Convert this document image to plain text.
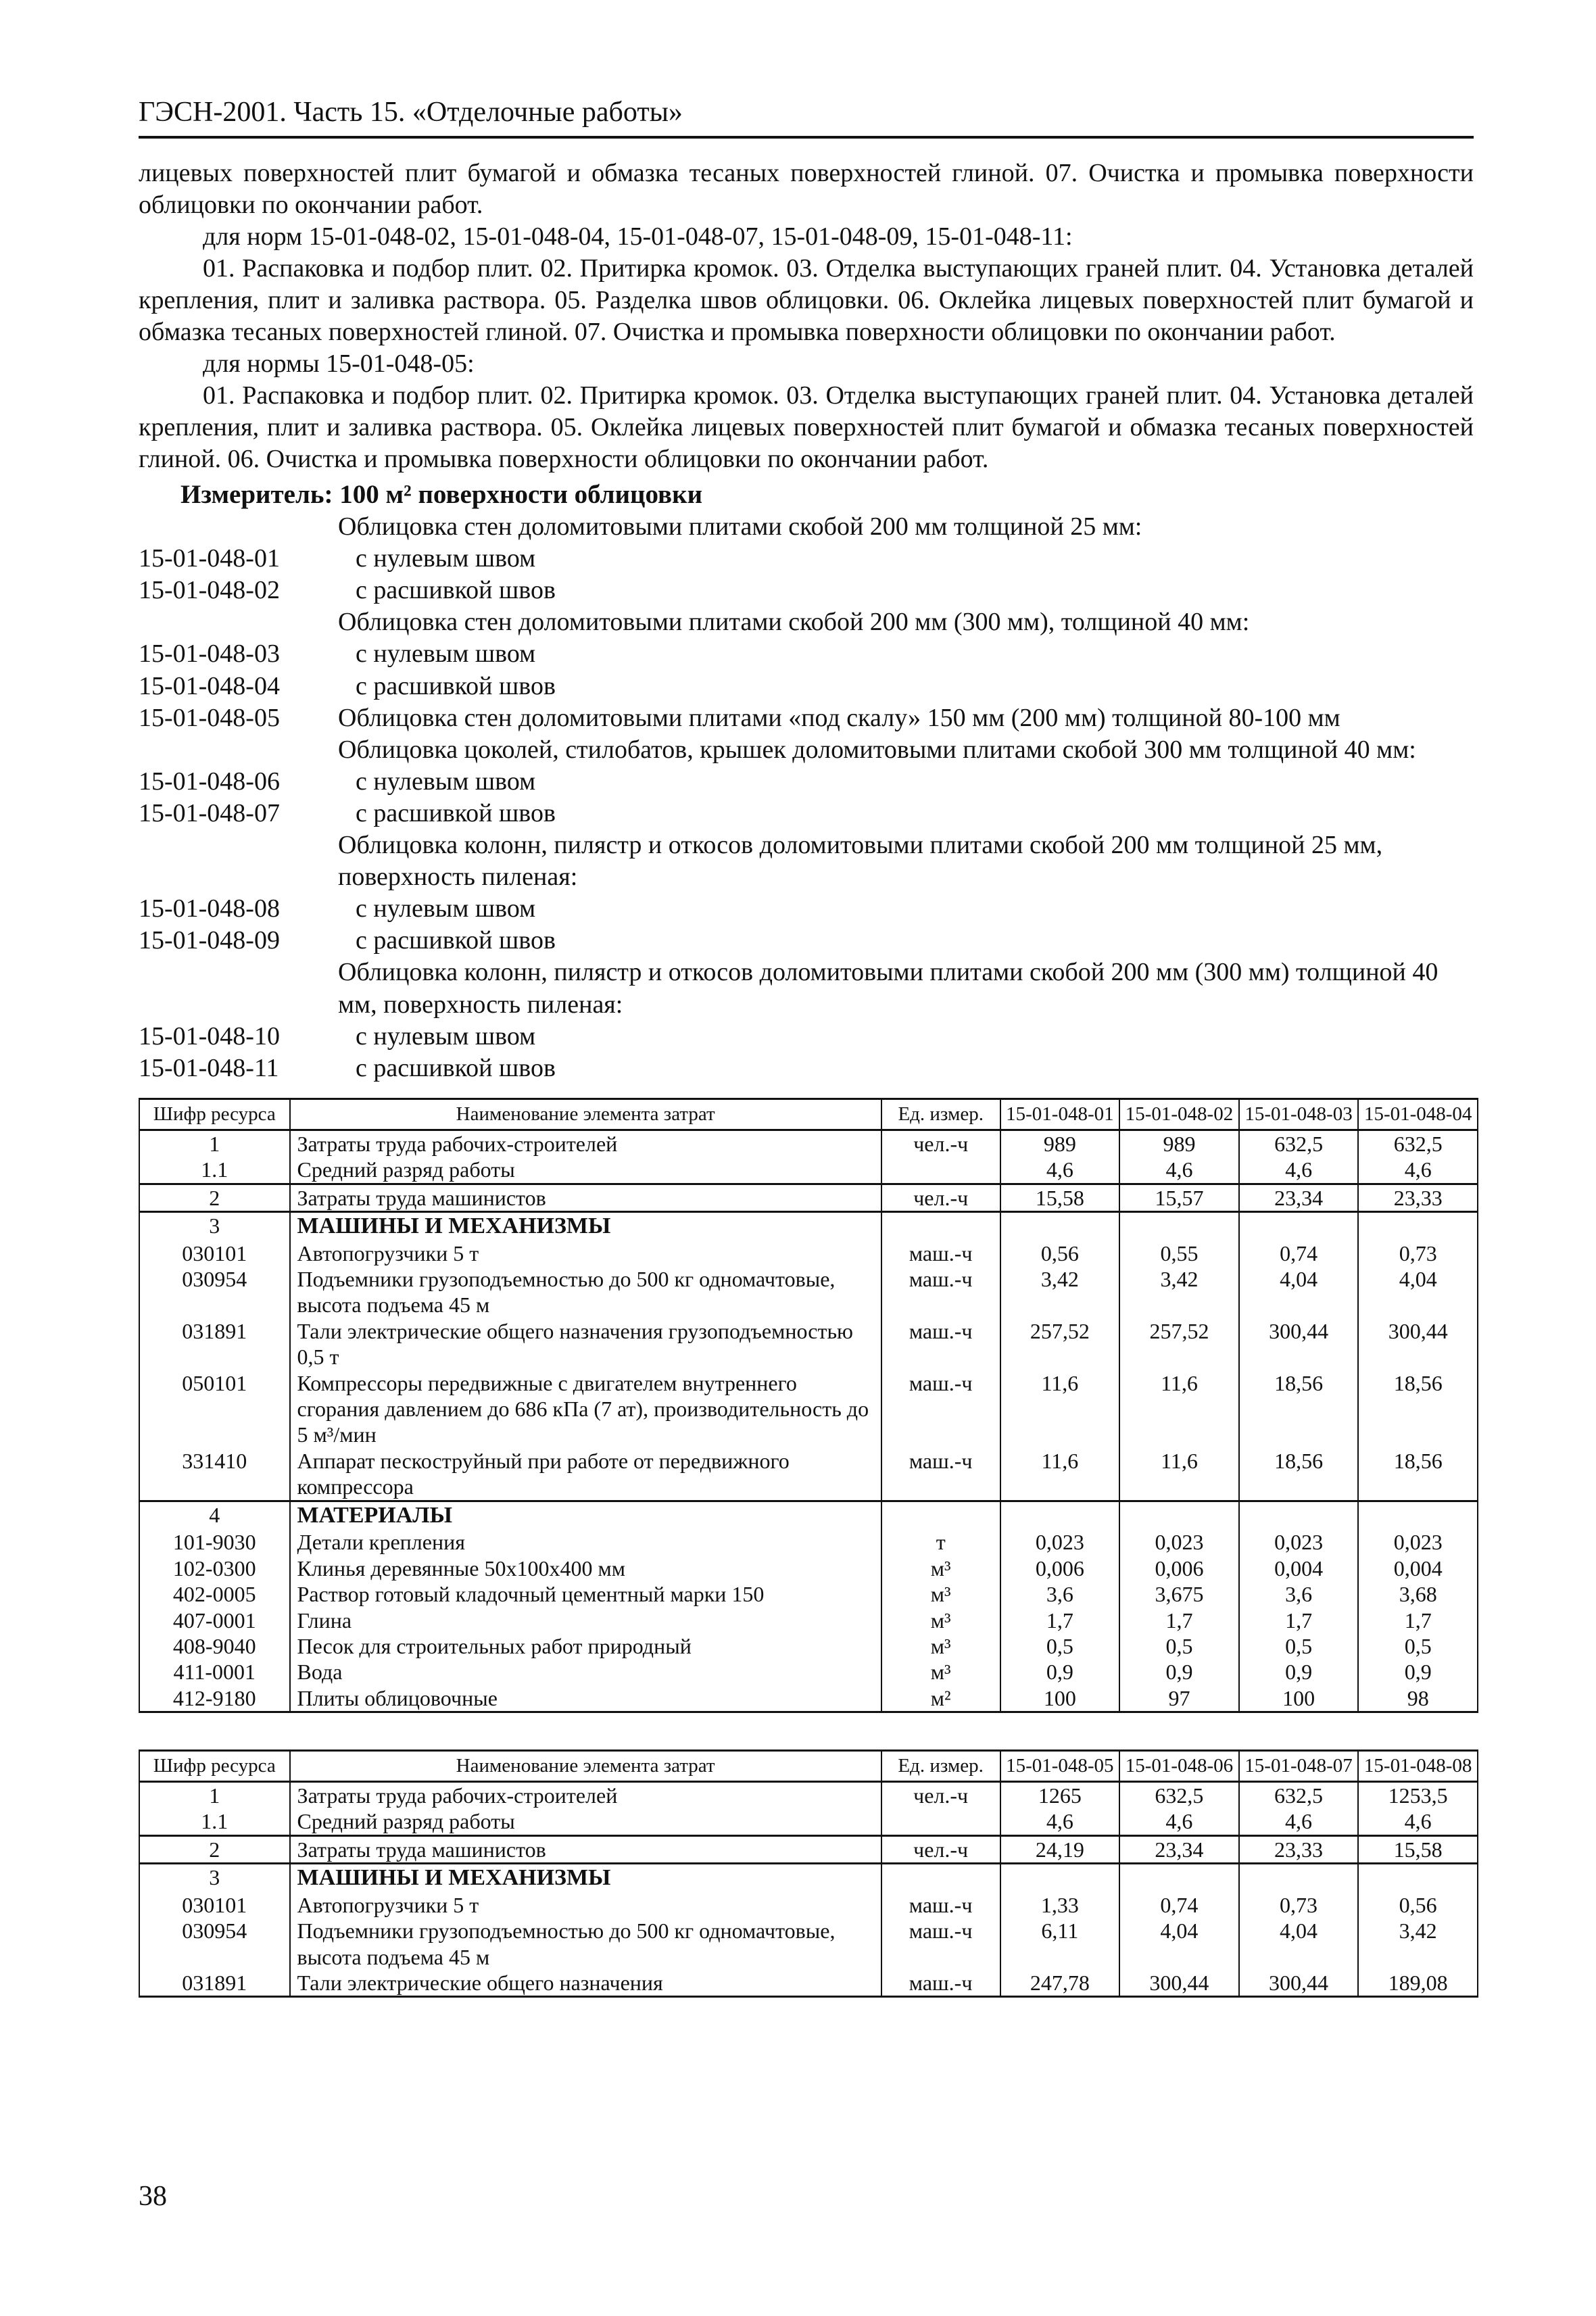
ГЭСН-2001. Часть 15. «Отделочные работы»

лицевых поверхностей плит бумагой и обмазка тесаных поверхностей глиной. 07. Очистка и промывка поверхности облицовки по окончании работ.

для норм 15-01-048-02, 15-01-048-04, 15-01-048-07, 15-01-048-09, 15-01-048-11:

01. Распаковка и подбор плит. 02. Притирка кромок. 03. Отделка выступающих граней плит. 04. Установка деталей крепления, плит и заливка раствора. 05. Разделка швов облицовки. 06. Оклейка лицевых поверхностей плит бумагой и обмазка тесаных поверхностей глиной. 07. Очистка и промывка поверхности облицовки по окончании работ.

для нормы 15-01-048-05:

01. Распаковка и подбор плит. 02. Притирка кромок. 03. Отделка выступающих граней плит. 04. Установка деталей крепления, плит и заливка раствора. 05. Оклейка лицевых поверхностей плит бумагой и обмазка тесаных поверхностей глиной. 06. Очистка и промывка поверхности облицовки по окончании работ.

Измеритель: 100 м² поверхности облицовки

Облицовка стен доломитовыми плитами скобой 200 мм толщиной 25 мм:
15-01-048-01	с нулевым швом
15-01-048-02	с расшивкой швов
Облицовка стен доломитовыми плитами скобой 200 мм (300 мм), толщиной 40 мм:
15-01-048-03	с нулевым швом
15-01-048-04	с расшивкой швов
15-01-048-05	Облицовка стен доломитовыми плитами «под скалу» 150 мм (200 мм) толщиной 80-100 мм
Облицовка цоколей, стилобатов, крышек доломитовыми плитами скобой 300 мм толщиной 40 мм:
15-01-048-06	с нулевым швом
15-01-048-07	с расшивкой швов
Облицовка колонн, пилястр и откосов доломитовыми плитами скобой 200 мм толщиной 25 мм, поверхность пиленая:
15-01-048-08	с нулевым швом
15-01-048-09	с расшивкой швов
Облицовка колонн, пилястр и откосов доломитовыми плитами скобой 200 мм (300 мм) толщиной 40 мм, поверхность пиленая:
15-01-048-10	с нулевым швом
15-01-048-11	с расшивкой швов
Шифр ресурса	Наименование элемента затрат	Ед. измер.	15-01-048-01	15-01-048-02	15-01-048-03	15-01-048-04
1	Затраты труда рабочих-строителей	чел.-ч	989	989	632,5	632,5
1.1	Средний разряд работы		4,6	4,6	4,6	4,6
2	Затраты труда машинистов	чел.-ч	15,58	15,57	23,34	23,33
3	МАШИНЫ И МЕХАНИЗМЫ					
030101	Автопогрузчики 5 т	маш.-ч	0,56	0,55	0,74	0,73
030954	Подъемники грузоподъемностью до 500 кг одномачтовые, высота подъема 45 м	маш.-ч	3,42	3,42	4,04	4,04
031891	Тали электрические общего назначения грузоподъемностью 0,5 т	маш.-ч	257,52	257,52	300,44	300,44
050101	Компрессоры передвижные с двигателем внутреннего сгорания давлением до 686 кПа (7 ат), производительность до 5 м³/мин	маш.-ч	11,6	11,6	18,56	18,56
331410	Аппарат пескоструйный при работе от передвижного компрессора	маш.-ч	11,6	11,6	18,56	18,56
4	МАТЕРИАЛЫ					
101-9030	Детали крепления	т	0,023	0,023	0,023	0,023
102-0300	Клинья деревянные 50х100х400 мм	м³	0,006	0,006	0,004	0,004
402-0005	Раствор готовый кладочный цементный марки 150	м³	3,6	3,675	3,6	3,68
407-0001	Глина	м³	1,7	1,7	1,7	1,7
408-9040	Песок для строительных работ природный	м³	0,5	0,5	0,5	0,5
411-0001	Вода	м³	0,9	0,9	0,9	0,9
412-9180	Плиты облицовочные	м²	100	97	100	98
Шифр ресурса	Наименование элемента затрат	Ед. измер.	15-01-048-05	15-01-048-06	15-01-048-07	15-01-048-08
1	Затраты труда рабочих-строителей	чел.-ч	1265	632,5	632,5	1253,5
1.1	Средний разряд работы		4,6	4,6	4,6	4,6
2	Затраты труда машинистов	чел.-ч	24,19	23,34	23,33	15,58
3	МАШИНЫ И МЕХАНИЗМЫ					
030101	Автопогрузчики 5 т	маш.-ч	1,33	0,74	0,73	0,56
030954	Подъемники грузоподъемностью до 500 кг одномачтовые, высота подъема 45 м	маш.-ч	6,11	4,04	4,04	3,42
031891	Тали электрические общего назначения	маш.-ч	247,78	300,44	300,44	189,08
38
